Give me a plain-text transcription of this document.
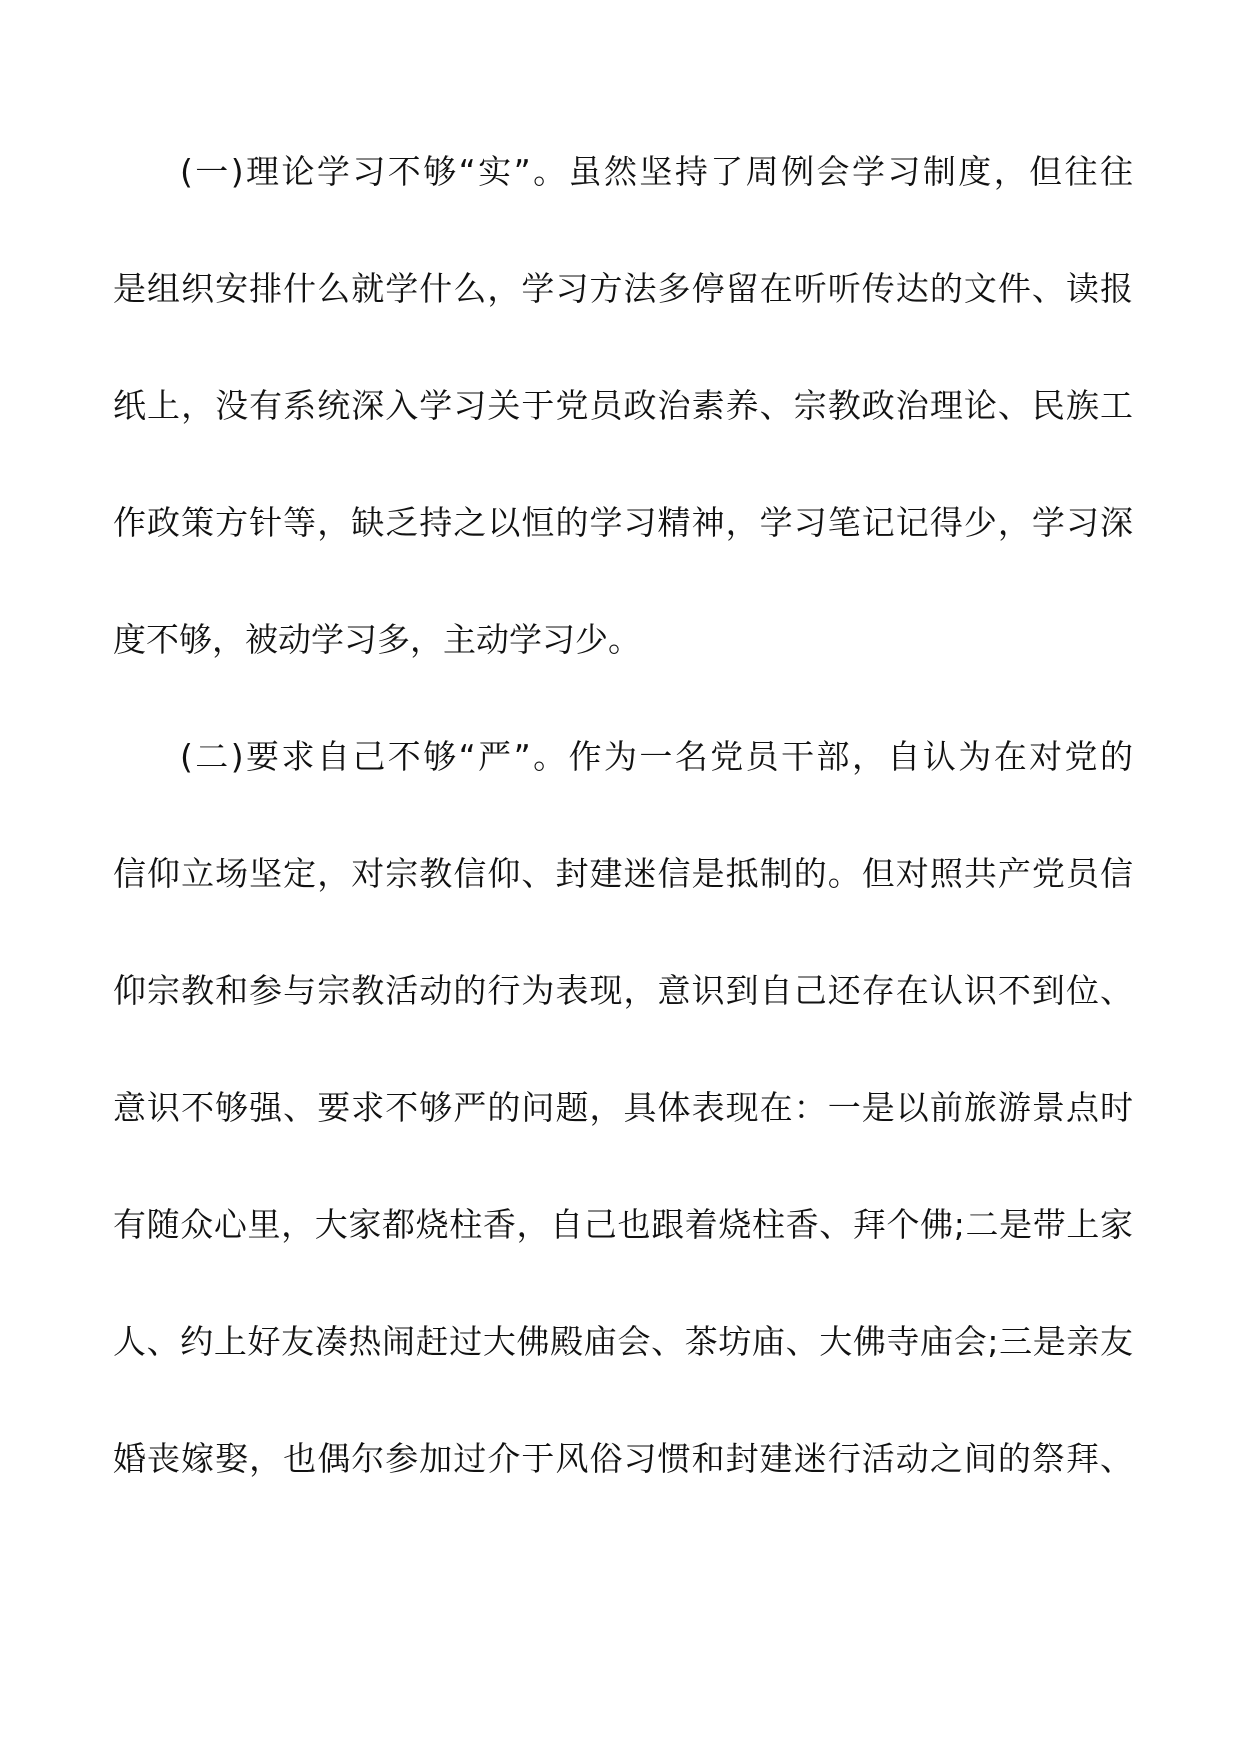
(一)理论学习不够“实”。虽然坚持了周例会学习制度，但往往
是组织安排什么就学什么，学习方法多停留在听听传达的文件、读报
纸上，没有系统深入学习关于党员政治素养、宗教政治理论、民族工
作政策方针等，缺乏持之以恒的学习精神，学习笔记记得少，学习深
度不够，被动学习多，主动学习少。
(二)要求自己不够“严”。作为一名党员干部，自认为在对党的
信仰立场坚定，对宗教信仰、封建迷信是抵制的。但对照共产党员信
仰宗教和参与宗教活动的行为表现，意识到自己还存在认识不到位、
意识不够强、要求不够严的问题，具体表现在：一是以前旅游景点时
有随众心里，大家都烧柱香，自己也跟着烧柱香、拜个佛;二是带上家
人、约上好友凑热闹赶过大佛殿庙会、茶坊庙、大佛寺庙会;三是亲友
婚丧嫁娶，也偶尔参加过介于风俗习惯和封建迷行活动之间的祭拜、
